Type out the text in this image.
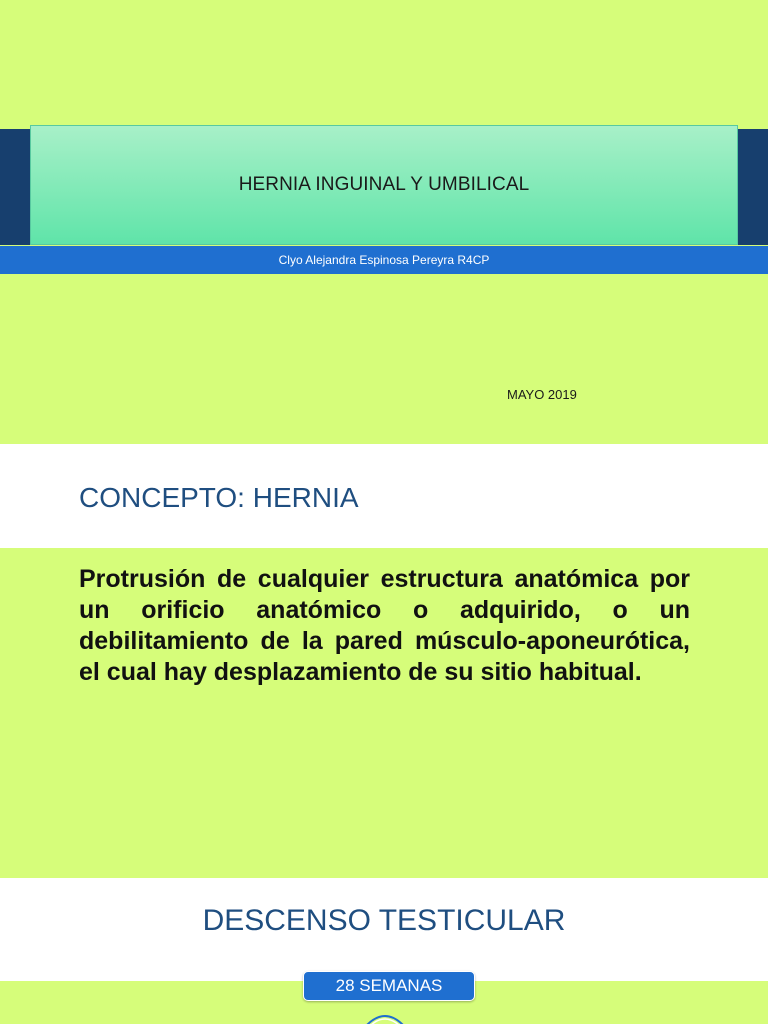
HERNIA INGUINAL Y UMBILICAL
Clyo Alejandra Espinosa Pereyra R4CP
MAYO 2019
CONCEPTO: HERNIA

Protrusión de cualquier estructura anatómica por un orificio anatómico o adquirido, o un debilitamiento de la pared músculo-aponeurótica, el cual hay desplazamiento de su sitio habitual.

DESCENSO TESTICULAR
28 SEMANAS
